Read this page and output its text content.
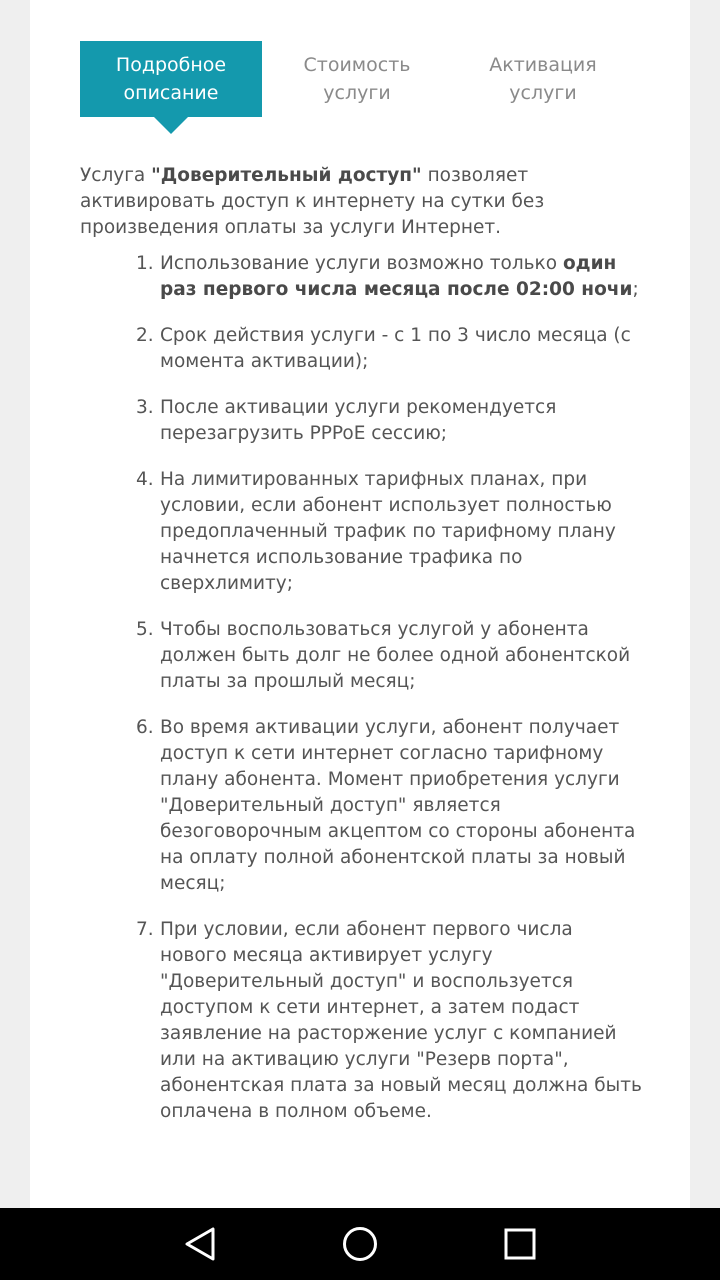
Подробное
описание
Стоимость
услуги
Активация
услуги

Услуга "Доверительный доступ" позволяет активировать доступ к интернету на сутки без произведения оплаты за услуги Интернет.

1. Использование услуги возможно только один раз первого числа месяца после 02:00 ночи;
2. Срок действия услуги - с 1 по 3 число месяца (с момента активации);
3. После активации услуги рекомендуется перезагрузить PPPoE сессию;
4. На лимитированных тарифных планах, при условии, если абонент использует полностью предоплаченный трафик по тарифному плану начнется использование трафика по сверхлимиту;
5. Чтобы воспользоваться услугой у абонента должен быть долг не более одной абонентской платы за прошлый месяц;
6. Во время активации услуги, абонент получает доступ к сети интернет согласно тарифному плану абонента. Момент приобретения услуги "Доверительный доступ" является безоговорочным акцептом со стороны абонента на оплату полной абонентской платы за новый месяц;
7. При условии, если абонент первого числа нового месяца активирует услугу "Доверительный доступ" и воспользуется доступом к сети интернет, а затем подаст заявление на расторжение услуг с компанией или на активацию услуги "Резерв порта", абонентская плата за новый месяц должна быть оплачена в полном объеме.
